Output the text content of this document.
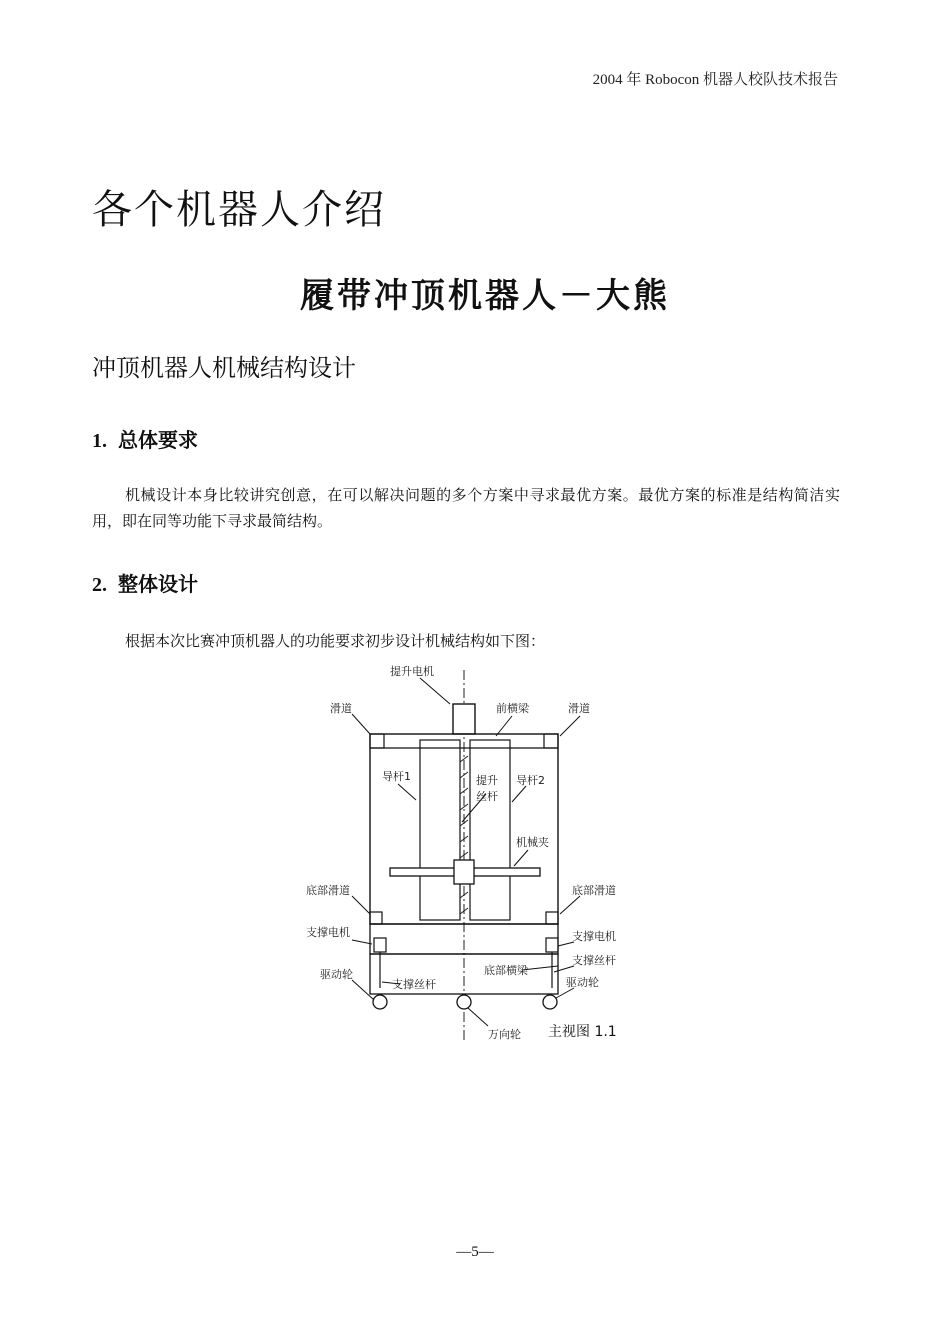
2004 年 Robocon 机器人校队技术报告
各个机器人介绍
履带冲顶机器人－大熊
冲顶机器人机械结构设计
1. 总体要求

机械设计本身比较讲究创意，在可以解决问题的多个方案中寻求最优方案。最优方案的标准是结构简洁实用，即在同等功能下寻求最简结构。

2. 整体设计

根据本次比赛冲顶机器人的功能要求初步设计机械结构如下图：

提升电机
滑道	前横梁	滑道
导杆1	提升
丝杆
导杆2
机械夹
底部滑道	底部滑道
支撑电机	支撑电机
支撑丝杆
驱动轮
支撑丝杆
底部横梁
驱动轮
万向轮 主视图 1.1
—5—
